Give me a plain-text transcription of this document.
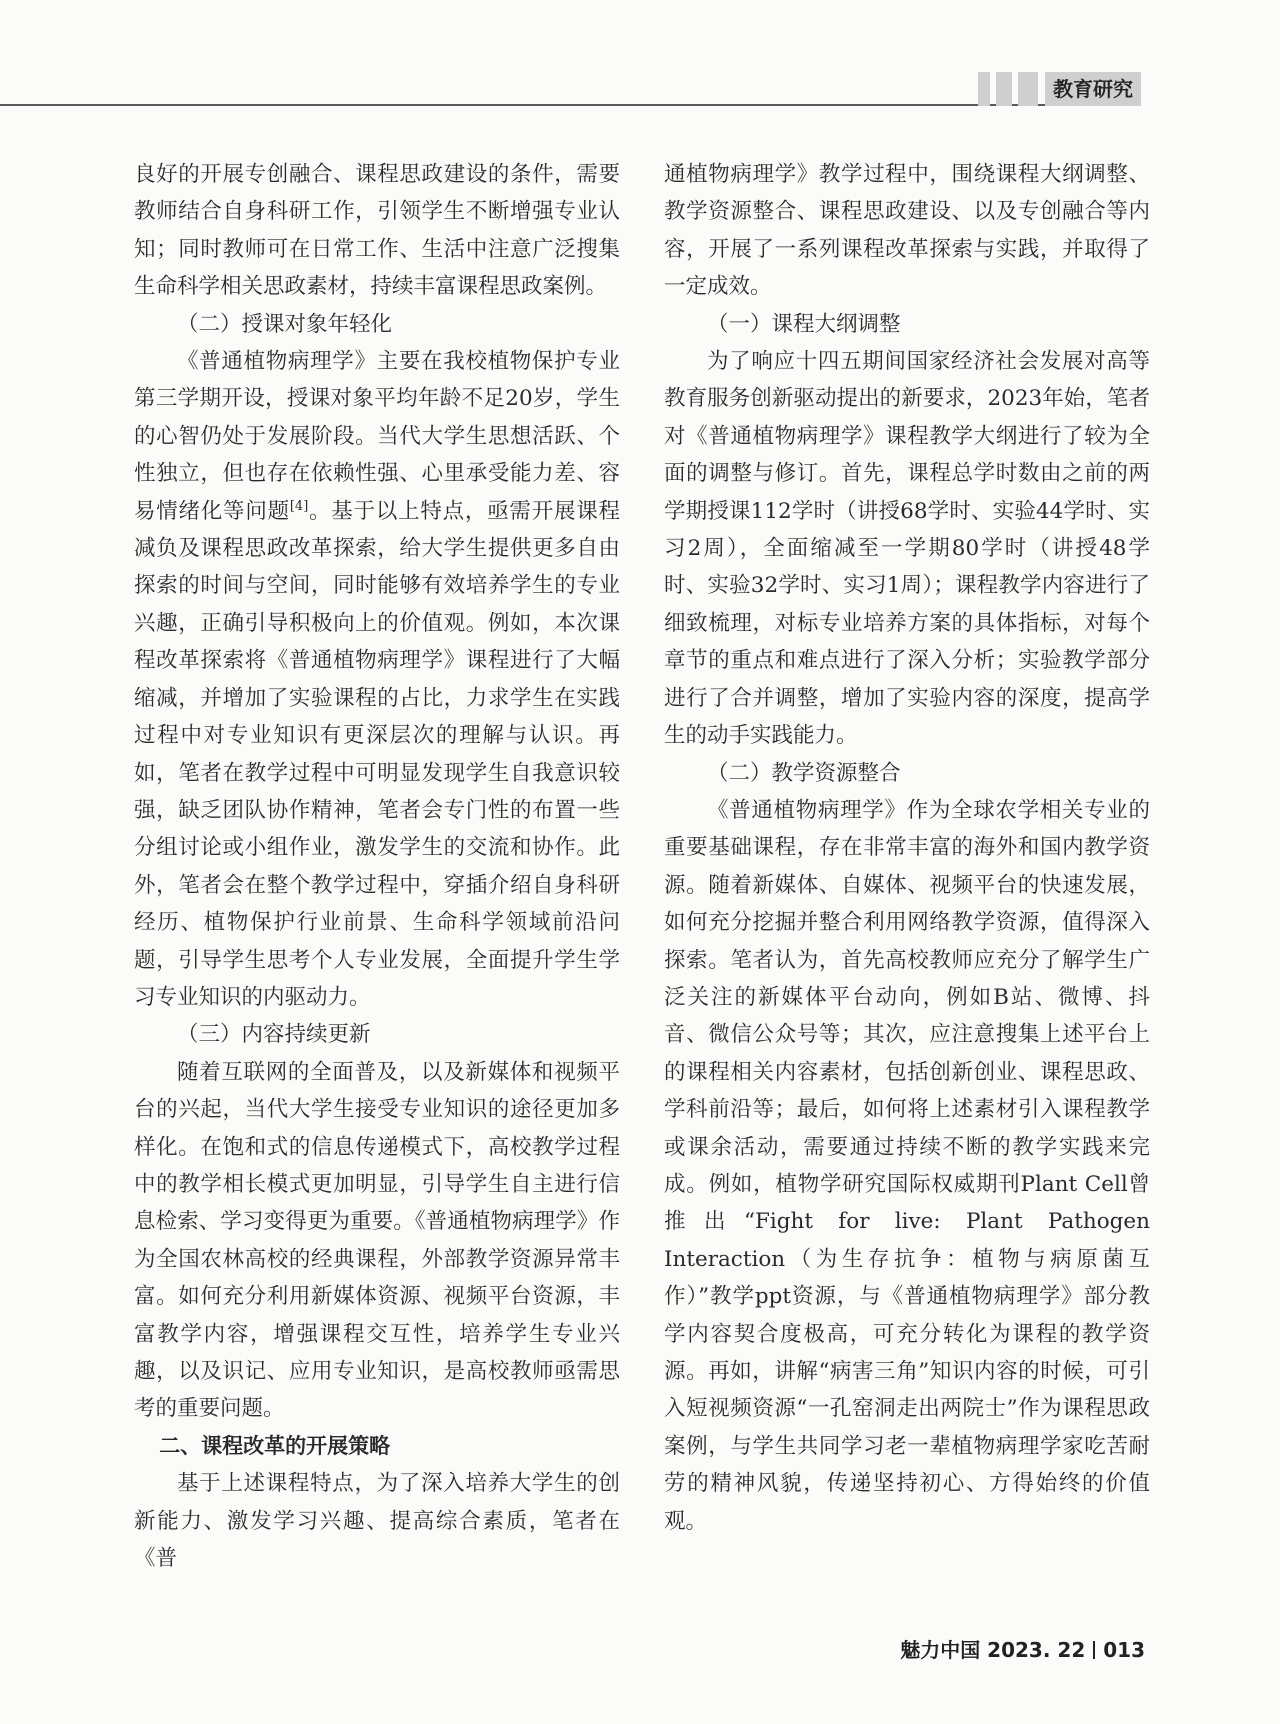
教育研究

良好的开展专创融合、课程思政建设的条件，需要教师结合自身科研工作，引领学生不断增强专业认知；同时教师可在日常工作、生活中注意广泛搜集生命科学相关思政素材，持续丰富课程思政案例。

（二）授课对象年轻化

《普通植物病理学》主要在我校植物保护专业第三学期开设，授课对象平均年龄不足20岁，学生的心智仍处于发展阶段。当代大学生思想活跃、个性独立，但也存在依赖性强、心里承受能力差、容易情绪化等问题[4]。基于以上特点，亟需开展课程减负及课程思政改革探索，给大学生提供更多自由探索的时间与空间，同时能够有效培养学生的专业兴趣，正确引导积极向上的价值观。例如，本次课程改革探索将《普通植物病理学》课程进行了大幅缩减，并增加了实验课程的占比，力求学生在实践过程中对专业知识有更深层次的理解与认识。再如，笔者在教学过程中可明显发现学生自我意识较强，缺乏团队协作精神，笔者会专门性的布置一些分组讨论或小组作业，激发学生的交流和协作。此外，笔者会在整个教学过程中，穿插介绍自身科研经历、植物保护行业前景、生命科学领域前沿问题，引导学生思考个人专业发展，全面提升学生学习专业知识的内驱动力。

（三）内容持续更新

随着互联网的全面普及，以及新媒体和视频平台的兴起，当代大学生接受专业知识的途径更加多样化。在饱和式的信息传递模式下，高校教学过程中的教学相长模式更加明显，引导学生自主进行信息检索、学习变得更为重要。《普通植物病理学》作为全国农林高校的经典课程，外部教学资源异常丰富。如何充分利用新媒体资源、视频平台资源，丰富教学内容，增强课程交互性，培养学生专业兴趣，以及识记、应用专业知识，是高校教师亟需思考的重要问题。

二、课程改革的开展策略

基于上述课程特点，为了深入培养大学生的创新能力、激发学习兴趣、提高综合素质，笔者在《普

通植物病理学》教学过程中，围绕课程大纲调整、教学资源整合、课程思政建设、以及专创融合等内容，开展了一系列课程改革探索与实践，并取得了一定成效。

（一）课程大纲调整

为了响应十四五期间国家经济社会发展对高等教育服务创新驱动提出的新要求，2023年始，笔者对《普通植物病理学》课程教学大纲进行了较为全面的调整与修订。首先，课程总学时数由之前的两学期授课112学时（讲授68学时、实验44学时、实习2周），全面缩减至一学期80学时（讲授48学时、实验32学时、实习1周）；课程教学内容进行了细致梳理，对标专业培养方案的具体指标，对每个章节的重点和难点进行了深入分析；实验教学部分进行了合并调整，增加了实验内容的深度，提高学生的动手实践能力。

（二）教学资源整合

《普通植物病理学》作为全球农学相关专业的重要基础课程，存在非常丰富的海外和国内教学资源。随着新媒体、自媒体、视频平台的快速发展，如何充分挖掘并整合利用网络教学资源，值得深入探索。笔者认为，首先高校教师应充分了解学生广泛关注的新媒体平台动向，例如B站、微博、抖音、微信公众号等；其次，应注意搜集上述平台上的课程相关内容素材，包括创新创业、课程思政、学科前沿等；最后，如何将上述素材引入课程教学或课余活动，需要通过持续不断的教学实践来完成。例如，植物学研究国际权威期刊Plant Cell曾推出“Fight for live: Plant Pathogen Interaction（为生存抗争：植物与病原菌互作）”教学ppt资源，与《普通植物病理学》部分教学内容契合度极高，可充分转化为课程的教学资源。再如，讲解“病害三角”知识内容的时候，可引入短视频资源“一孔窑洞走出两院士”作为课程思政案例，与学生共同学习老一辈植物病理学家吃苦耐劳的精神风貌，传递坚持初心、方得始终的价值观。

魅力中国 2023. 22 013
